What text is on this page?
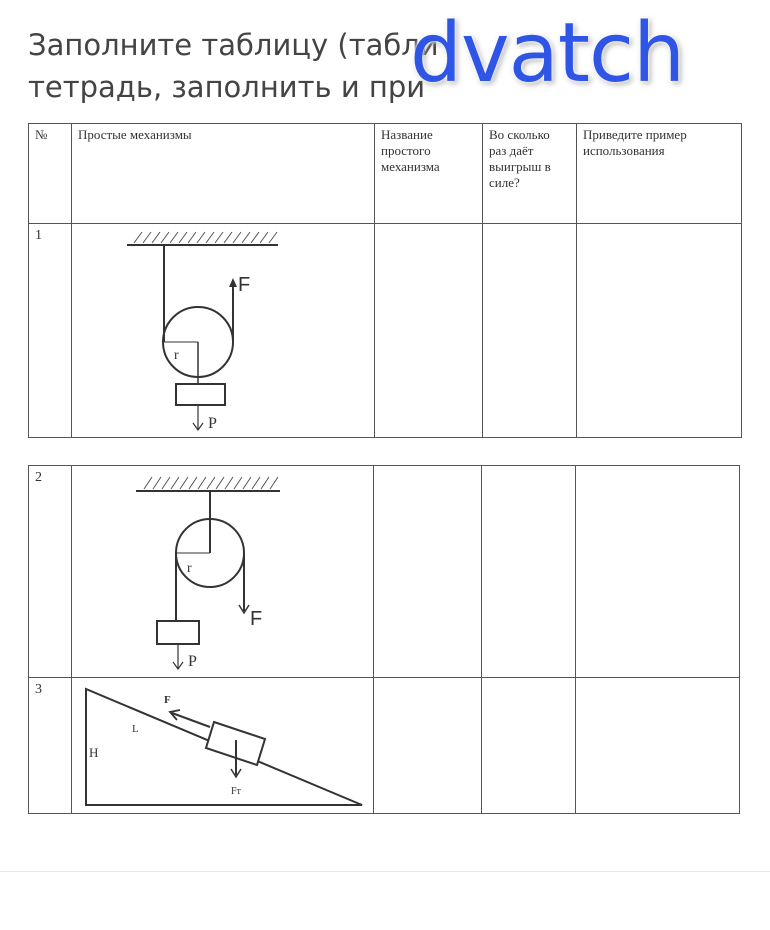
Заполните таблицу (табли
тетрадь, заполнить и при
dvatch
№	Простые механизмы	Название простого механизма	Во сколько раз даёт выигрыш в силе?	Приведите пример использования
1	r
F
P			

2	r
F
P			

3	L
H
F
Fт			
